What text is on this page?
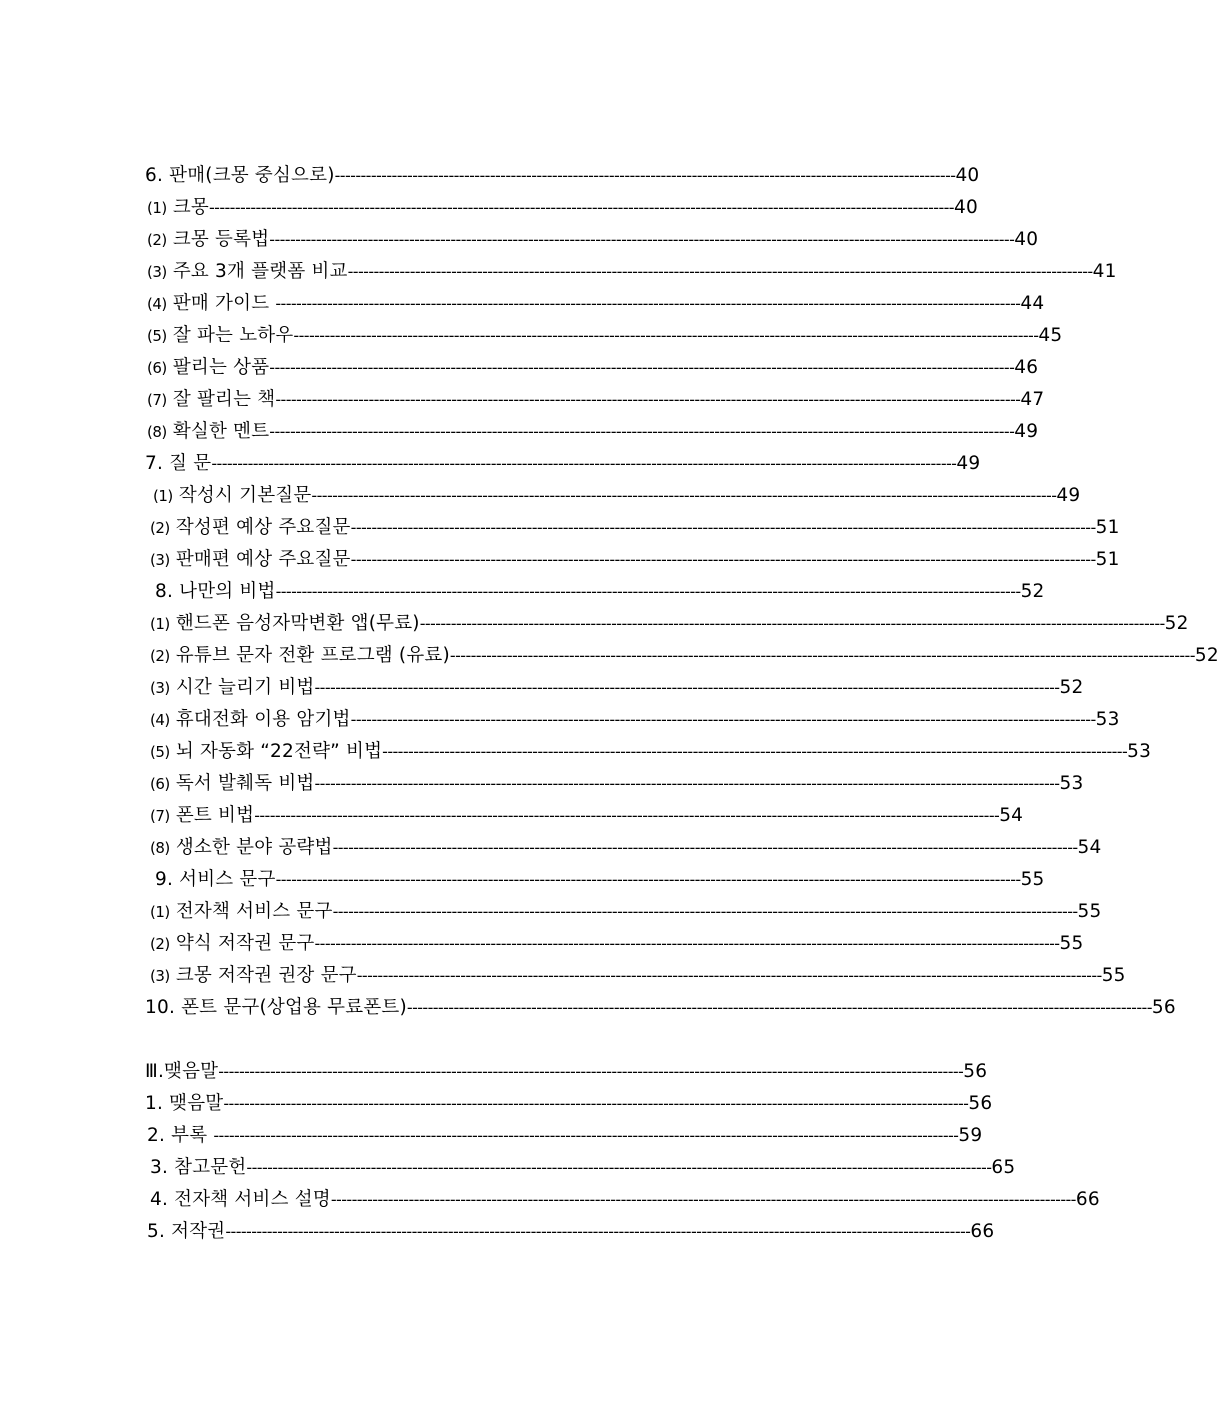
6. 판매(크몽 중심으로) ------------------------------------------------------------------------------------------------------------------------ 40
(1) 크몽 ------------------------------------------------------------------------------------------------------------------------------------------------ 40
(2) 크몽 등록법 ------------------------------------------------------------------------------------------------------------------------------------------------ 40
(3) 주요 3개 플랫폼 비교 ------------------------------------------------------------------------------------------------------------------------------------------------ 41
(4) 판매 가이드 ------------------------------------------------------------------------------------------------------------------------------------------------ 44
(5) 잘 파는 노하우 ------------------------------------------------------------------------------------------------------------------------------------------------ 45
(6) 팔리는 상품 ------------------------------------------------------------------------------------------------------------------------------------------------ 46
(7) 잘 팔리는 책 ------------------------------------------------------------------------------------------------------------------------------------------------ 47
(8) 확실한 멘트 ------------------------------------------------------------------------------------------------------------------------------------------------ 49
7. 질 문 ------------------------------------------------------------------------------------------------------------------------------------------------ 49
(1) 작성시 기본질문 ------------------------------------------------------------------------------------------------------------------------------------------------ 49
(2) 작성편 예상 주요질문 ------------------------------------------------------------------------------------------------------------------------------------------------ 51
(3) 판매편 예상 주요질문 ------------------------------------------------------------------------------------------------------------------------------------------------ 51
8. 나만의 비법 ------------------------------------------------------------------------------------------------------------------------------------------------ 52
(1) 핸드폰 음성자막변환 앱(무료) ------------------------------------------------------------------------------------------------------------------------------------------------ 52
(2) 유튜브 문자 전환 프로그램 (유료) ------------------------------------------------------------------------------------------------------------------------------------------------ 52
(3) 시간 늘리기 비법 ------------------------------------------------------------------------------------------------------------------------------------------------ 52
(4) 휴대전화 이용 암기법 ------------------------------------------------------------------------------------------------------------------------------------------------ 53
(5) 뇌 자동화 “22전략” 비법 ------------------------------------------------------------------------------------------------------------------------------------------------ 53
(6) 독서 발췌독 비법 ------------------------------------------------------------------------------------------------------------------------------------------------ 53
(7) 폰트 비법 ------------------------------------------------------------------------------------------------------------------------------------------------ 54
(8) 생소한 분야 공략법 ------------------------------------------------------------------------------------------------------------------------------------------------ 54
9. 서비스 문구 ------------------------------------------------------------------------------------------------------------------------------------------------ 55
(1) 전자책 서비스 문구 ------------------------------------------------------------------------------------------------------------------------------------------------ 55
(2) 약식 저작권 문구 ------------------------------------------------------------------------------------------------------------------------------------------------ 55
(3) 크몽 저작권 권장 문구 ------------------------------------------------------------------------------------------------------------------------------------------------ 55
10. 폰트 문구(상업용 무료폰트) ------------------------------------------------------------------------------------------------------------------------------------------------ 56
Ⅲ.맺음말 ------------------------------------------------------------------------------------------------------------------------------------------------ 56
1. 맺음말 ------------------------------------------------------------------------------------------------------------------------------------------------ 56
2. 부록 ------------------------------------------------------------------------------------------------------------------------------------------------ 59
3. 참고문헌 ------------------------------------------------------------------------------------------------------------------------------------------------ 65
4. 전자책 서비스 설명 ------------------------------------------------------------------------------------------------------------------------------------------------ 66
5. 저작권 ------------------------------------------------------------------------------------------------------------------------------------------------ 66
